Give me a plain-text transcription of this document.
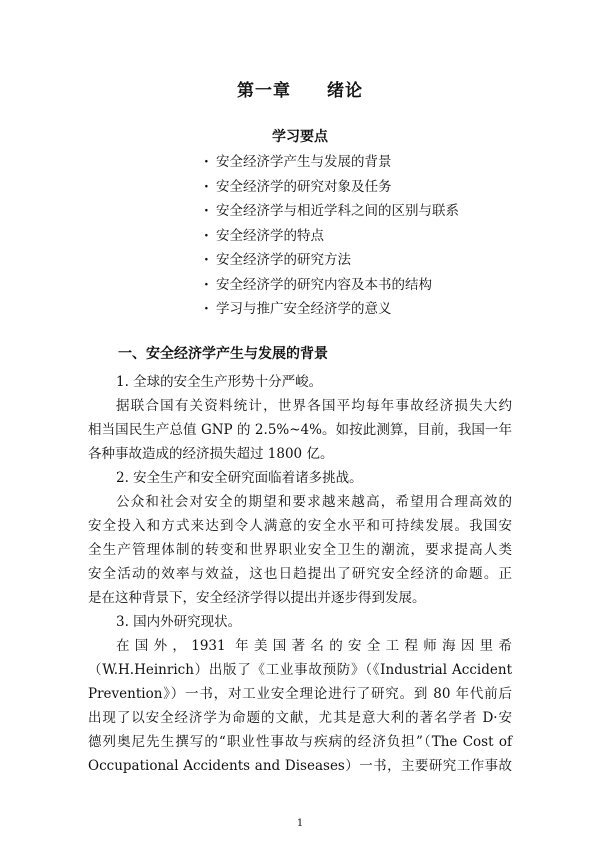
第一章 绪论
学习要点
· 安全经济学产生与发展的背景
· 安全经济学的研究对象及任务
· 安全经济学与相近学科之间的区别与联系
· 安全经济学的特点
· 安全经济学的研究方法
· 安全经济学的研究内容及本书的结构
· 学习与推广安全经济学的意义
一、安全经济学产生与发展的背景
1. 全球的安全生产形势十分严峻。
据联合国有关资料统计，世界各国平均每年事故经济损失大约
相当国民生产总值 GNP 的 2.5%~4%。如按此测算，目前，我国一年
各种事故造成的经济损失超过 1800 亿。
2. 安全生产和安全研究面临着诸多挑战。
公众和社会对安全的期望和要求越来越高，希望用合理高效的
安全投入和方式来达到令人满意的安全水平和可持续发展。我国安
全生产管理体制的转变和世界职业安全卫生的潮流，要求提高人类
安全活动的效率与效益，这也日趋提出了研究安全经济的命题。正
是在这种背景下，安全经济学得以提出并逐步得到发展。
3. 国内外研究现状。
在国外，1931 年美国著名的安全工程师海因里希
（W.H.Heinrich）出版了《工业事故预防》（《Industrial Accident
Prevention》）一书，对工业安全理论进行了研究。到 80 年代前后
出现了以安全经济学为命题的文献，尤其是意大利的著名学者 D·安
德列奥尼先生撰写的“职业性事故与疾病的经济负担”（The Cost of
Occupational Accidents and Diseases）一书，主要研究工作事故
1
